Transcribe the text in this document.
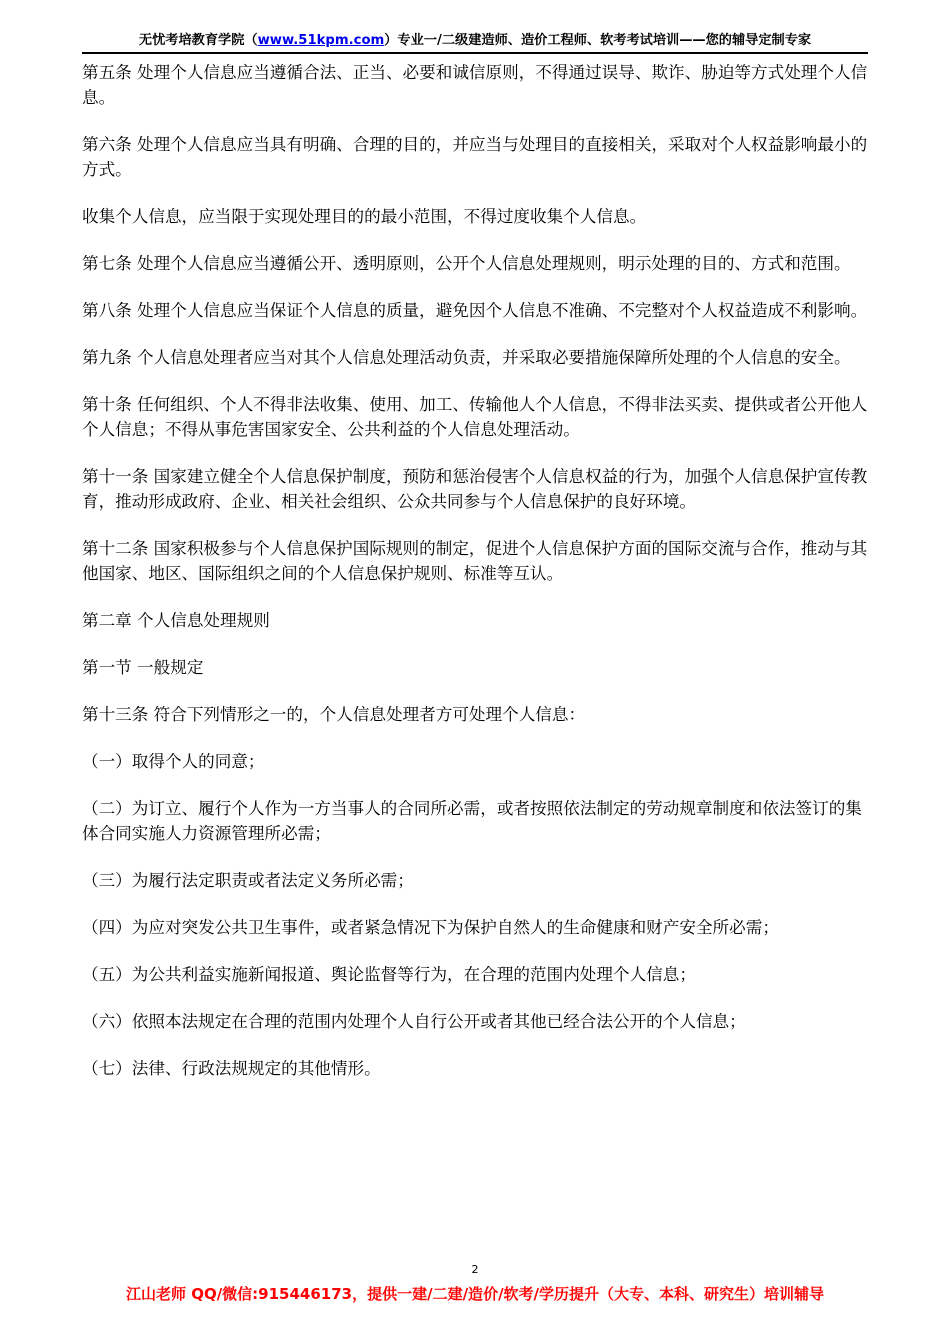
无忧考培教育学院（www.51kpm.com）专业一/二级建造师、造价工程师、软考考试培训——您的辅导定制专家

第五条 处理个人信息应当遵循合法、正当、必要和诚信原则，不得通过误导、欺诈、胁迫等方式处理个人信息。

第六条 处理个人信息应当具有明确、合理的目的，并应当与处理目的直接相关，采取对个人权益影响最小的方式。

收集个人信息，应当限于实现处理目的的最小范围，不得过度收集个人信息。

第七条 处理个人信息应当遵循公开、透明原则，公开个人信息处理规则，明示处理的目的、方式和范围。

第八条 处理个人信息应当保证个人信息的质量，避免因个人信息不准确、不完整对个人权益造成不利影响。

第九条 个人信息处理者应当对其个人信息处理活动负责，并采取必要措施保障所处理的个人信息的安全。

第十条 任何组织、个人不得非法收集、使用、加工、传输他人个人信息，不得非法买卖、提供或者公开他人个人信息；不得从事危害国家安全、公共利益的个人信息处理活动。

第十一条 国家建立健全个人信息保护制度，预防和惩治侵害个人信息权益的行为，加强个人信息保护宣传教育，推动形成政府、企业、相关社会组织、公众共同参与个人信息保护的良好环境。

第十二条 国家积极参与个人信息保护国际规则的制定，促进个人信息保护方面的国际交流与合作，推动与其他国家、地区、国际组织之间的个人信息保护规则、标准等互认。

第二章 个人信息处理规则

第一节 一般规定

第十三条 符合下列情形之一的，个人信息处理者方可处理个人信息：

（一）取得个人的同意；

（二）为订立、履行个人作为一方当事人的合同所必需，或者按照依法制定的劳动规章制度和依法签订的集体合同实施人力资源管理所必需；

（三）为履行法定职责或者法定义务所必需；

（四）为应对突发公共卫生事件，或者紧急情况下为保护自然人的生命健康和财产安全所必需；

（五）为公共利益实施新闻报道、舆论监督等行为，在合理的范围内处理个人信息；

（六）依照本法规定在合理的范围内处理个人自行公开或者其他已经合法公开的个人信息；

（七）法律、行政法规规定的其他情形。

2
江山老师 QQ/微信:915446173，提供一建/二建/造价/软考/学历提升（大专、本科、研究生）培训辅导
